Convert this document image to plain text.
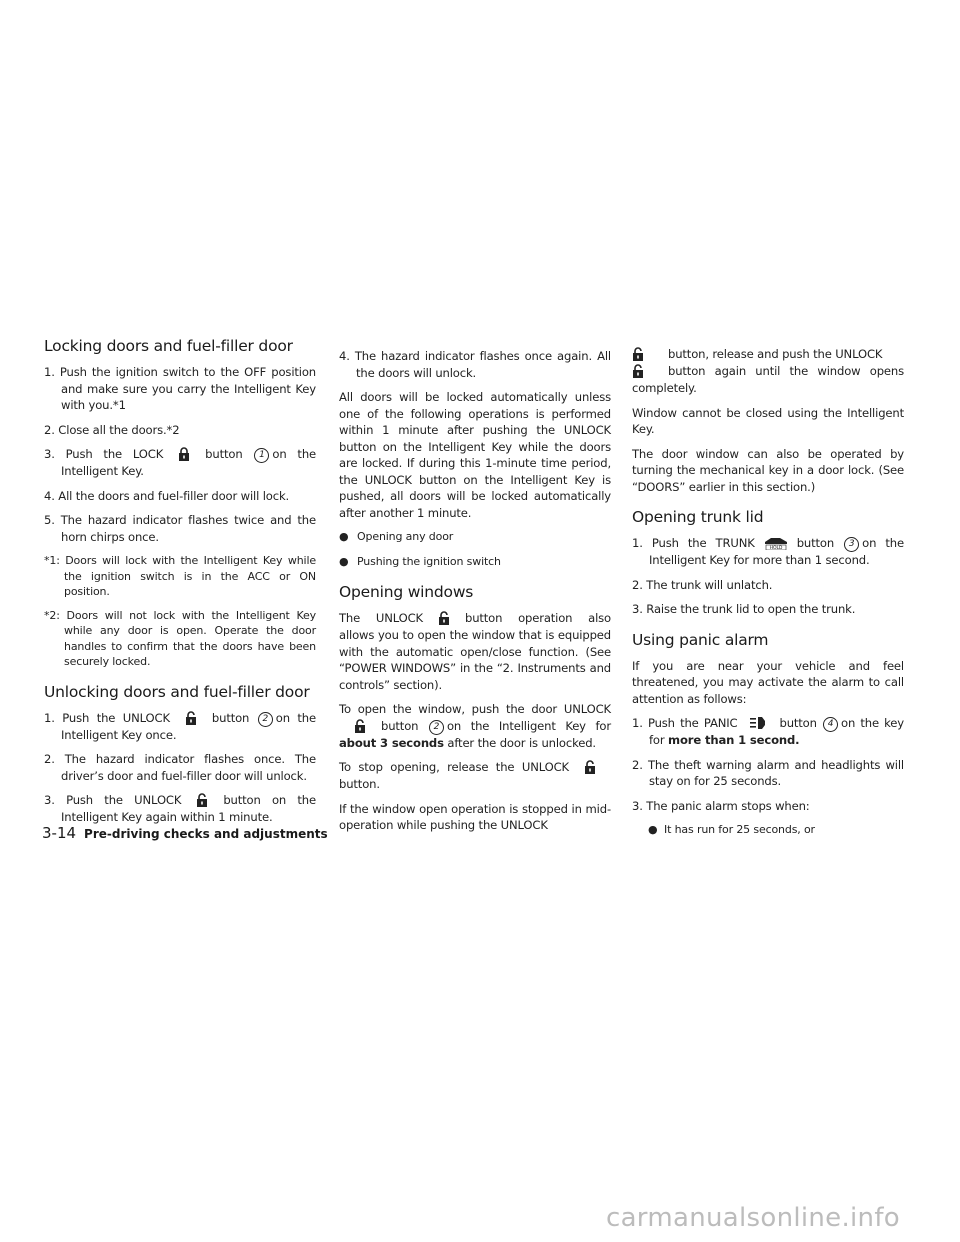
Locking doors and fuel-filler door

1. Push the ignition switch to the OFF position and make sure you carry the Intelligent Key with you.*1

2. Close all the doors.*2

3. Push the LOCK	button 1 on the Intelligent Key.

4. All the doors and fuel-filler door will lock.

5. The hazard indicator flashes twice and the horn chirps once.

*1: Doors will lock with the Intelligent Key while the ignition switch is in the ACC or ON position.

*2: Doors will not lock with the Intelligent Key while any door is open. Operate the door handles to confirm that the doors have been securely locked.

Unlocking doors and fuel-filler door

1. Push the UNLOCK	button 2 on the Intelligent Key once.

2. The hazard indicator flashes once. The driver’s door and fuel-filler door will unlock.

3. Push the UNLOCK	button on the Intelligent Key again within 1 minute.

4. The hazard indicator flashes once again. All the doors will unlock.

All doors will be locked automatically unless one of the following operations is performed within 1 minute after pushing the UNLOCK button on the Intelligent Key while the doors are locked. If during this 1-minute time period, the UNLOCK button on the Intelligent Key is pushed, all doors will be locked automatically after another 1 minute.

● Opening any door

● Pushing the ignition switch

Opening windows

The UNLOCK	button operation also allows you to open the window that is equipped with the automatic open/close function. (See “POWER WINDOWS” in the “2. Instruments and controls” section).

To open the window, push the door UNLOCKbutton 2 on the Intelligent Key for about 3 seconds after the door is unlocked.

To stop opening, release the UNLOCK button.

If the window open operation is stopped in mid-operation while pushing the UNLOCK

button, release and push the UNLOCK
button again until the window opens completely.

Window cannot be closed using the Intelligent Key.

The door window can also be operated by turning the mechanical key in a door lock. (See “DOORS” earlier in this section.)

Opening trunk lid

1. Push the TRUNK	HOLD button 3 on the Intelligent Key for more than 1 second.

2. The trunk will unlatch.

3. Raise the trunk lid to open the trunk.

Using panic alarm

If you are near your vehicle and feel threatened, you may activate the alarm to call attention as follows:

1. Push the PANIC	button 4 on the key for more than 1 second.

2. The theft warning alarm and headlights will stay on for 25 seconds.

3. The panic alarm stops when:

● It has run for 25 seconds, or

3-14 Pre-driving checks and adjustments
carmanualsonline.info
